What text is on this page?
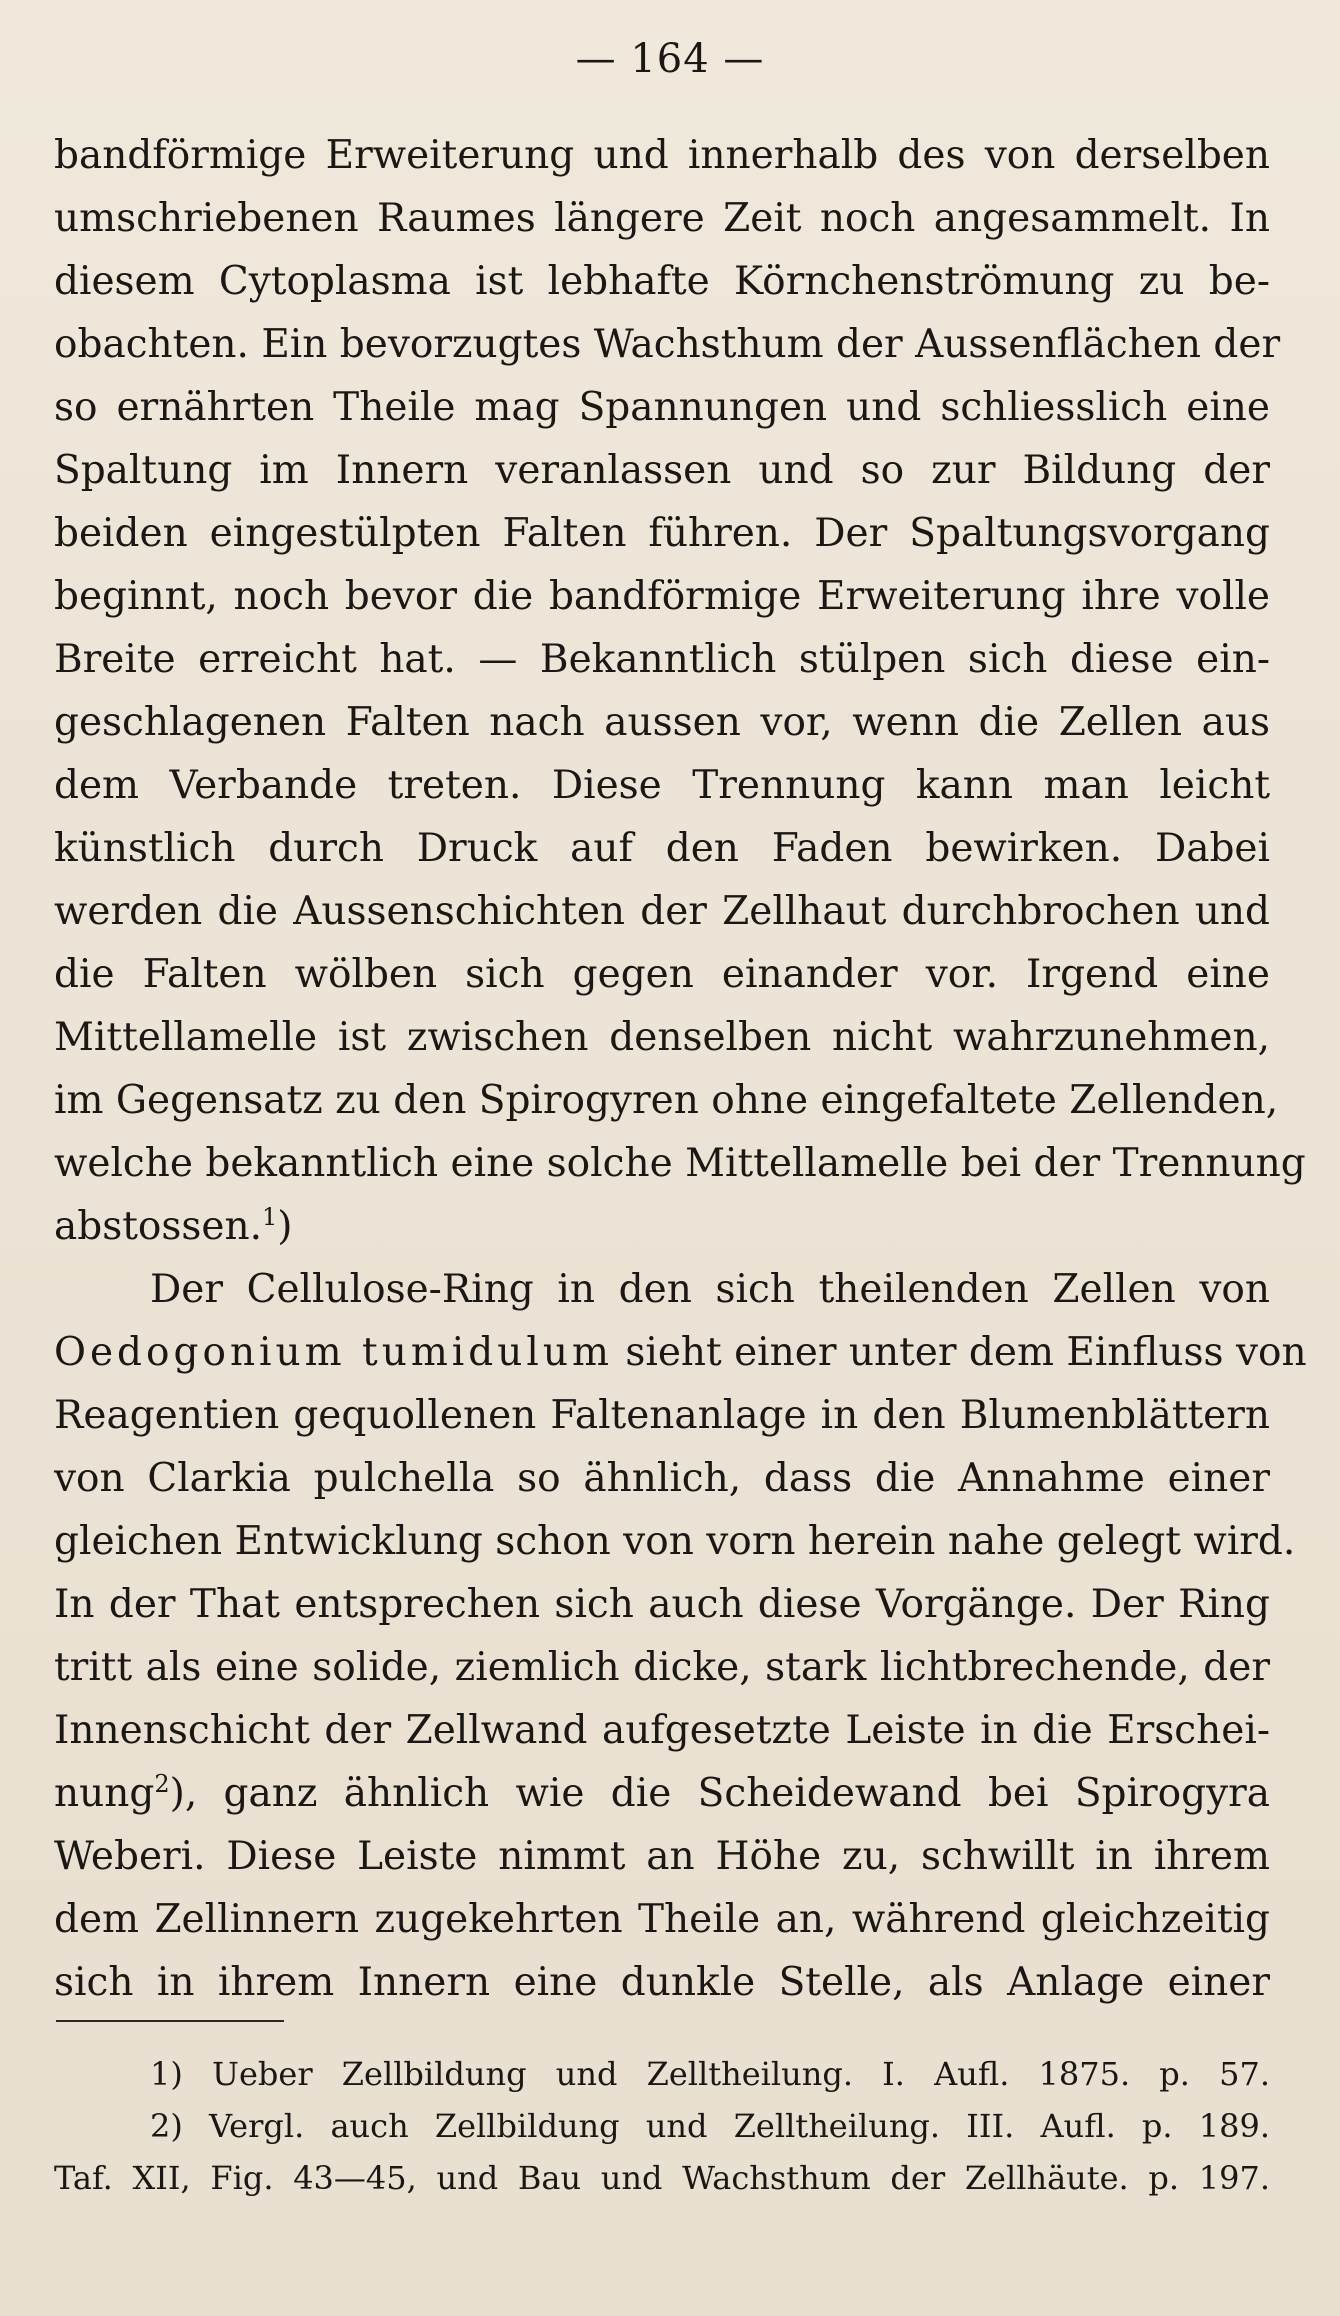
— 164 —
bandförmige Erweiterung und innerhalb des von derselben
umschriebenen Raumes längere Zeit noch angesammelt. In
diesem Cytoplasma ist lebhafte Körnchenströmung zu be-
obachten. Ein bevorzugtes Wachsthum der Aussenflächen der
so ernährten Theile mag Spannungen und schliesslich eine
Spaltung im Innern veranlassen und so zur Bildung der
beiden eingestülpten Falten führen. Der Spaltungsvorgang
beginnt, noch bevor die bandförmige Erweiterung ihre volle
Breite erreicht hat. — Bekanntlich stülpen sich diese ein-
geschlagenen Falten nach aussen vor, wenn die Zellen aus
dem Verbande treten. Diese Trennung kann man leicht
künstlich durch Druck auf den Faden bewirken. Dabei
werden die Aussenschichten der Zellhaut durchbrochen und
die Falten wölben sich gegen einander vor. Irgend eine
Mittellamelle ist zwischen denselben nicht wahrzunehmen,
im Gegensatz zu den Spirogyren ohne eingefaltete Zellenden,
welche bekanntlich eine solche Mittellamelle bei der Trennung
abstossen.$^1$)
Der Cellulose-Ring in den sich theilenden Zellen von
Oedogonium tumidulum sieht einer unter dem Einfluss von
Reagentien gequollenen Faltenanlage in den Blumenblättern
von Clarkia pulchella so ähnlich, dass die Annahme einer
gleichen Entwicklung schon von vorn herein nahe gelegt wird.
In der That entsprechen sich auch diese Vorgänge. Der Ring
tritt als eine solide, ziemlich dicke, stark lichtbrechende, der
Innenschicht der Zellwand aufgesetzte Leiste in die Erschei-
nung$^2$), ganz ähnlich wie die Scheidewand bei Spirogyra
Weberi. Diese Leiste nimmt an Höhe zu, schwillt in ihrem
dem Zellinnern zugekehrten Theile an, während gleichzeitig
sich in ihrem Innern eine dunkle Stelle, als Anlage einer
1) Ueber Zellbildung und Zelltheilung. I. Aufl. 1875. p. 57.
2) Vergl. auch Zellbildung und Zelltheilung. III. Aufl. p. 189.
Taf. XII, Fig. 43—45, und Bau und Wachsthum der Zellhäute. p. 197.
